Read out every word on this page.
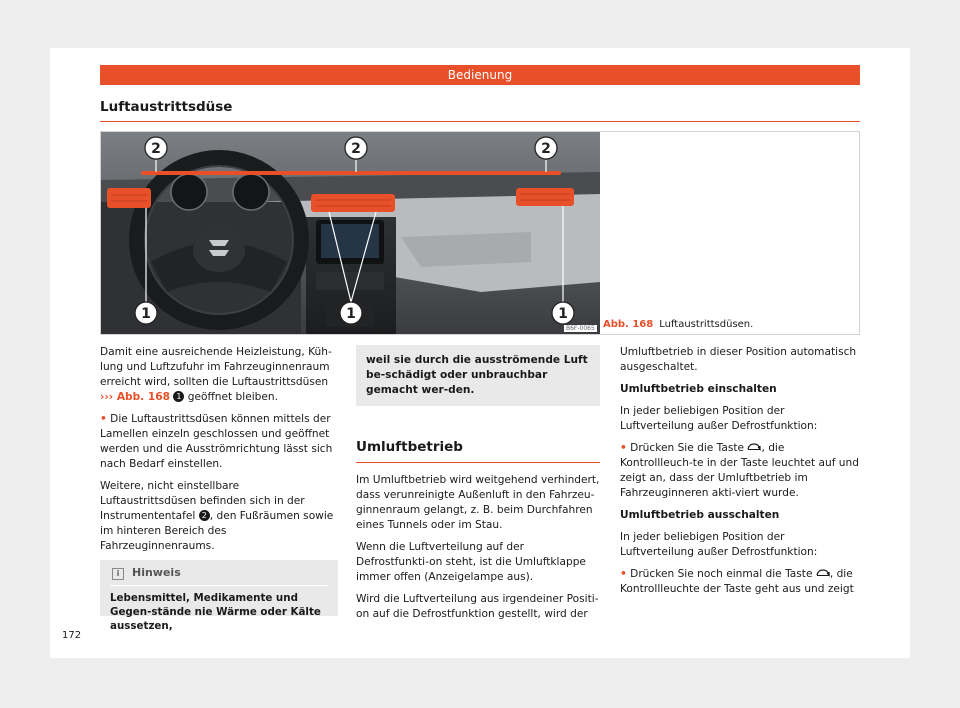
Bedienung
Luftaustrittsdüse
2	2	2
1	1	1
B6F-0065 Abb. 168 Luftaustrittsdüsen.

Damit eine ausreichende Heizleistung, Küh-lung und Luftzufuhr im Fahrzeuginnenraum erreicht wird, sollten die Luftaustrittsdüsen ››› Abb. 168 1 geöffnet bleiben.

• Die Luftaustrittsdüsen können mittels der Lamellen einzeln geschlossen und geöffnet werden und die Ausströmrichtung lässt sich nach Bedarf einstellen.

Weitere, nicht einstellbare Luftaustrittsdüsen befinden sich in der Instrumententafel 2 , den Fußräumen sowie im hinteren Bereich des Fahrzeuginnenraums.

i Hinweis
Lebensmittel, Medikamente und Gegen-stände nie Wärme oder Kälte aussetzen,
weil sie durch die ausströmende Luft be-schädigt oder unbrauchbar gemacht wer-den.
Umluftbetrieb

Im Umluftbetrieb wird weitgehend verhindert, dass verunreinigte Außenluft in den Fahrzeu-ginnenraum gelangt, z. B. beim Durchfahren eines Tunnels oder im Stau.

Wenn die Luftverteilung auf der Defrostfunkti-on steht, ist die Umluftklappe immer offen (Anzeigelampe aus).

Wird die Luftverteilung aus irgendeiner Positi-on auf die Defrostfunktion gestellt, wird der

Umluftbetrieb in dieser Position automatisch ausgeschaltet.

Umluftbetrieb einschalten

In jeder beliebigen Position der Luftverteilung außer Defrostfunktion:

• Drücken Sie die Taste , die Kontrollleuch-te in der Taste leuchtet auf und zeigt an, dass der Umluftbetrieb im Fahrzeuginneren akti-viert wurde.

Umluftbetrieb ausschalten

In jeder beliebigen Position der Luftverteilung außer Defrostfunktion:

• Drücken Sie noch einmal die Taste , die Kontrollleuchte der Taste geht aus und zeigt

172
